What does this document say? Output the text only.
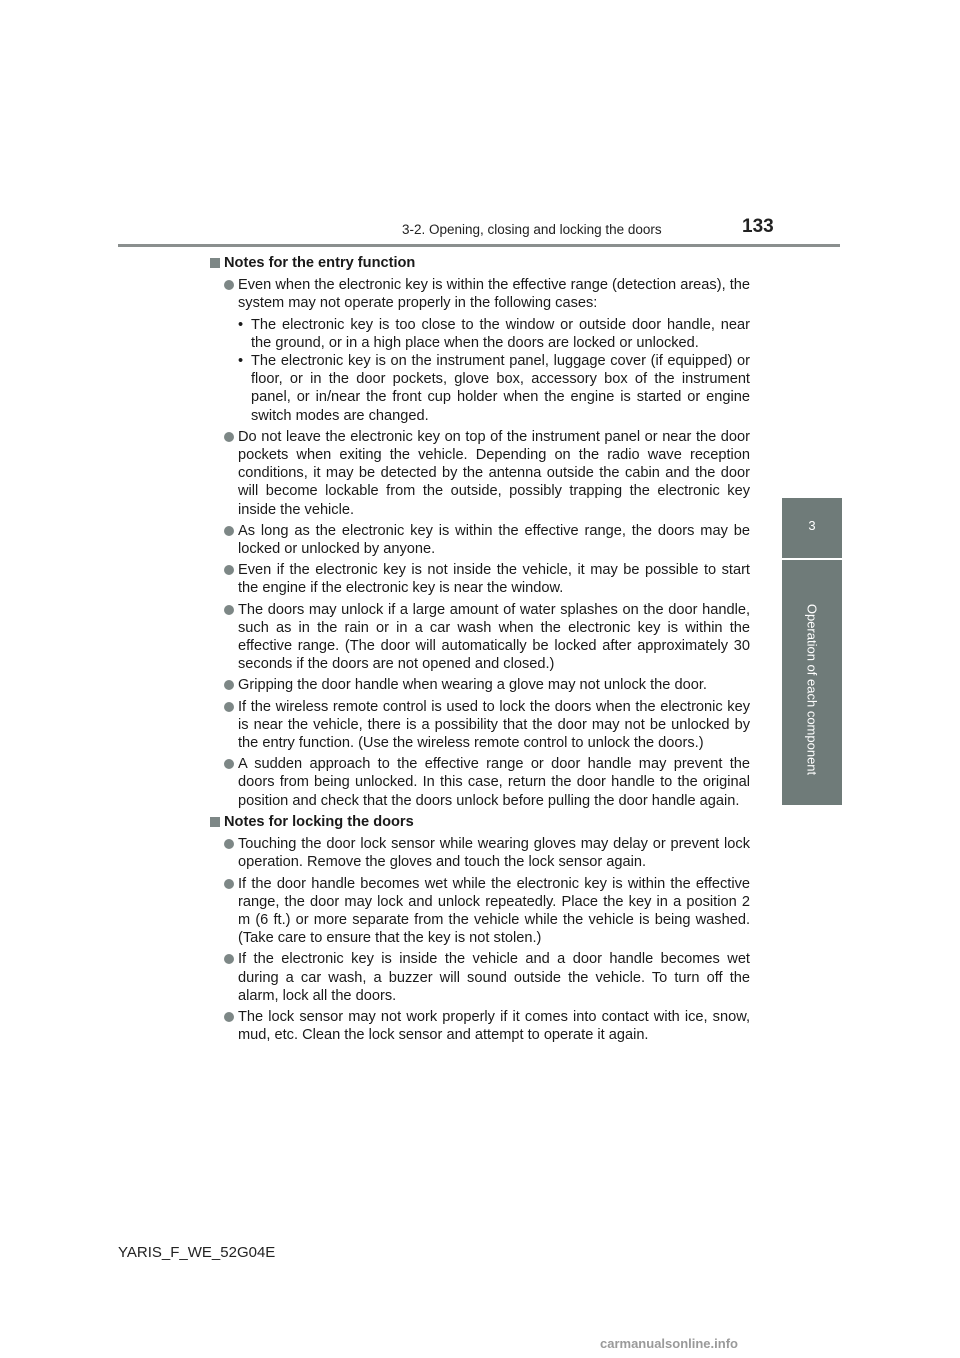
3-2. Opening, closing and locking the doors	133
3
Operation of each component
Notes for the entry function
Even when the electronic key is within the effective range (detection areas), the system may not operate properly in the following cases:
• The electronic key is too close to the window or outside door handle, near the ground, or in a high place when the doors are locked or unlocked.
• The electronic key is on the instrument panel, luggage cover (if equipped) or floor, or in the door pockets, glove box, accessory box of the instrument panel, or in/near the front cup holder when the engine is started or engine switch modes are changed.
Do not leave the electronic key on top of the instrument panel or near the door pockets when exiting the vehicle. Depending on the radio wave reception conditions, it may be detected by the antenna outside the cabin and the door will become lockable from the outside, possibly trapping the electronic key inside the vehicle.
As long as the electronic key is within the effective range, the doors may be locked or unlocked by anyone.
Even if the electronic key is not inside the vehicle, it may be possible to start the engine if the electronic key is near the window.
The doors may unlock if a large amount of water splashes on the door handle, such as in the rain or in a car wash when the electronic key is within the effective range. (The door will automatically be locked after approximately 30 seconds if the doors are not opened and closed.)
Gripping the door handle when wearing a glove may not unlock the door.
If the wireless remote control is used to lock the doors when the electronic key is near the vehicle, there is a possibility that the door may not be unlocked by the entry function. (Use the wireless remote control to unlock the doors.)
A sudden approach to the effective range or door handle may prevent the doors from being unlocked. In this case, return the door handle to the original position and check that the doors unlock before pulling the door handle again.
Notes for locking the doors
Touching the door lock sensor while wearing gloves may delay or prevent lock operation. Remove the gloves and touch the lock sensor again.
If the door handle becomes wet while the electronic key is within the effective range, the door may lock and unlock repeatedly. Place the key in a position 2 m (6 ft.) or more separate from the vehicle while the vehicle is being washed. (Take care to ensure that the key is not stolen.)
If the electronic key is inside the vehicle and a door handle becomes wet during a car wash, a buzzer will sound outside the vehicle. To turn off the alarm, lock all the doors.
The lock sensor may not work properly if it comes into contact with ice, snow, mud, etc. Clean the lock sensor and attempt to operate it again.
YARIS_F_WE_52G04E
carmanualsonline.info
